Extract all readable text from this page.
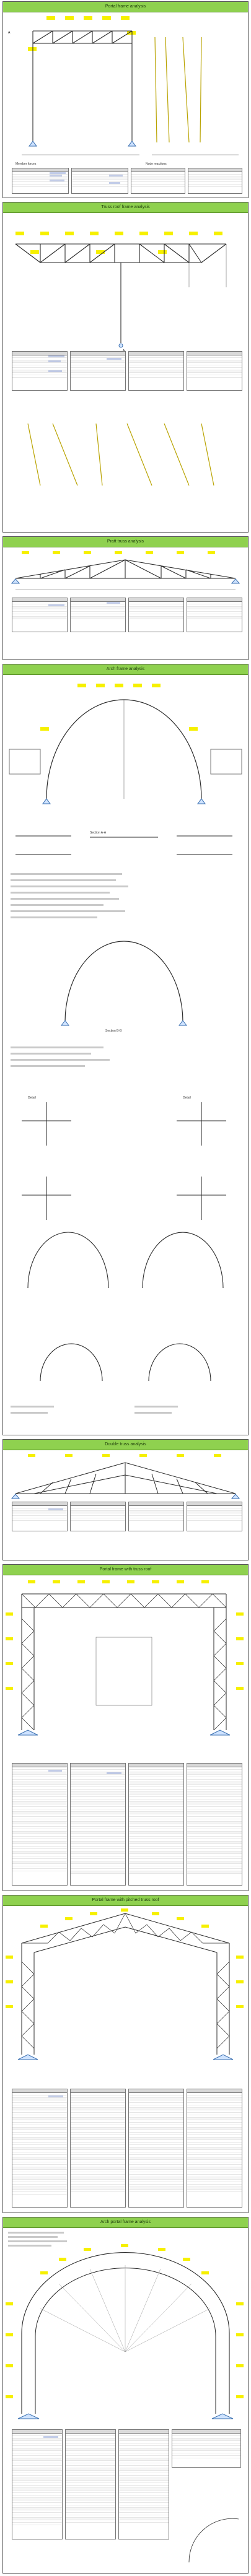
Portal frame analysis
A
Member forces	Node reactions
Truss roof frame analysis
Pratt truss analysis
Arch frame analysis
Section A-A
Section B-B
Detail	Detail
Double truss analysis
Portal frame with truss roof
Portal frame with pitched truss roof
Arch portal frame analysis
